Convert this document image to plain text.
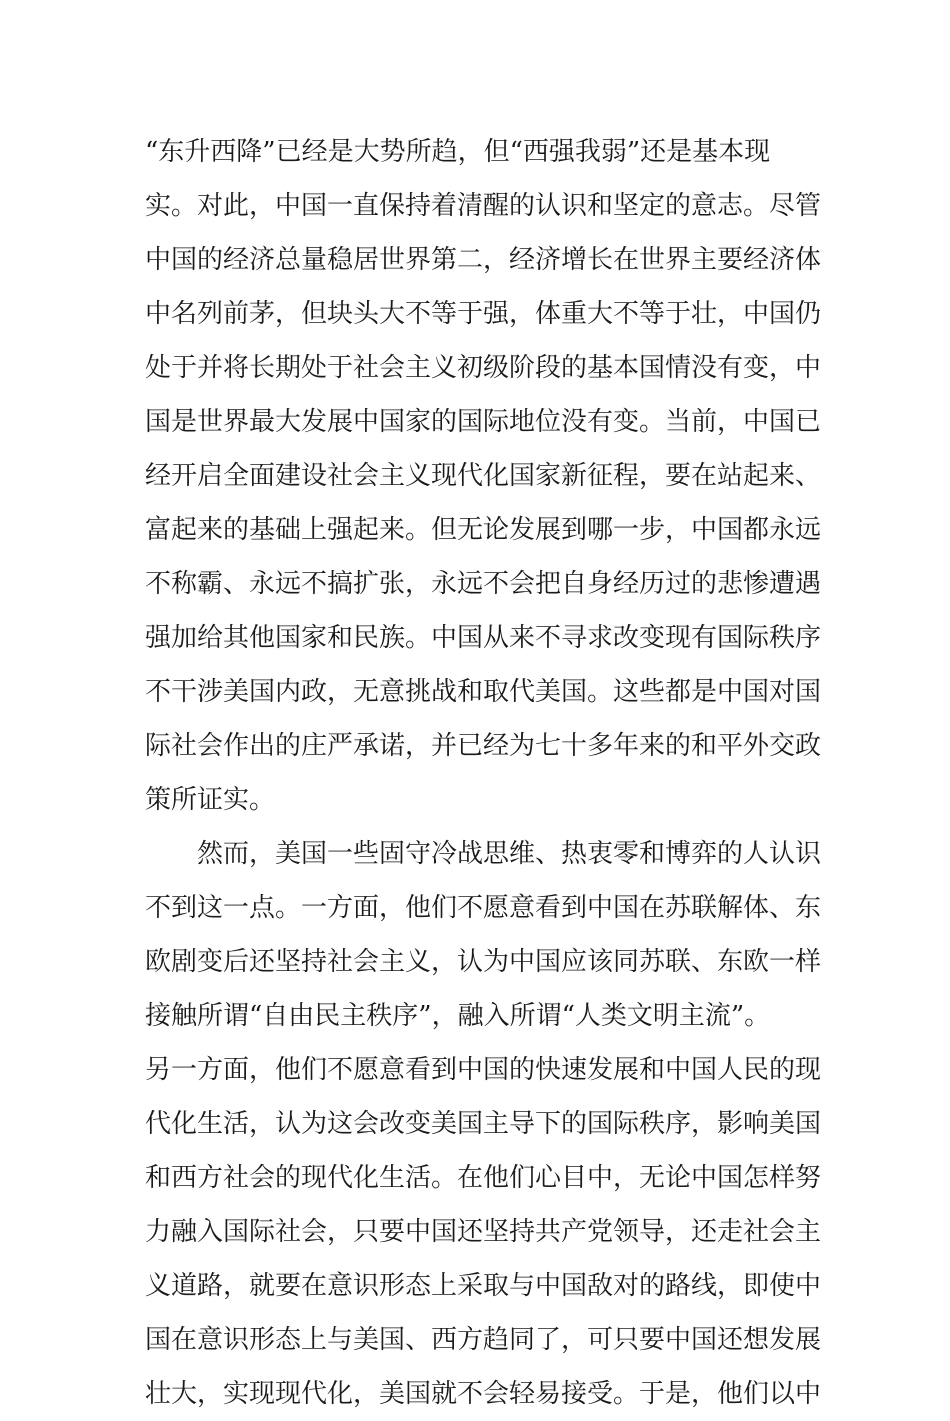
“东升西降”已经是大势所趋，但“西强我弱”还是基本现
实。对此，中国一直保持着清醒的认识和坚定的意志。尽管
中国的经济总量稳居世界第二，经济增长在世界主要经济体
中名列前茅，但块头大不等于强，体重大不等于壮，中国仍
处于并将长期处于社会主义初级阶段的基本国情没有变，中
国是世界最大发展中国家的国际地位没有变。当前，中国已
经开启全面建设社会主义现代化国家新征程，要在站起来、
富起来的基础上强起来。但无论发展到哪一步，中国都永远
不称霸、永远不搞扩张，永远不会把自身经历过的悲惨遭遇
强加给其他国家和民族。中国从来不寻求改变现有国际秩序
不干涉美国内政，无意挑战和取代美国。这些都是中国对国
际社会作出的庄严承诺，并已经为七十多年来的和平外交政
策所证实。
　　然而，美国一些固守冷战思维、热衷零和博弈的人认识
不到这一点。一方面，他们不愿意看到中国在苏联解体、东
欧剧变后还坚持社会主义，认为中国应该同苏联、东欧一样
接触所谓“自由民主秩序”，融入所谓“人类文明主流”。
另一方面，他们不愿意看到中国的快速发展和中国人民的现
代化生活，认为这会改变美国主导下的国际秩序，影响美国
和西方社会的现代化生活。在他们心目中，无论中国怎样努
力融入国际社会，只要中国还坚持共产党领导，还走社会主
义道路，就要在意识形态上采取与中国敌对的路线，即使中
国在意识形态上与美国、西方趋同了，可只要中国还想发展
壮大，实现现代化，美国就不会轻易接受。于是，他们以中
